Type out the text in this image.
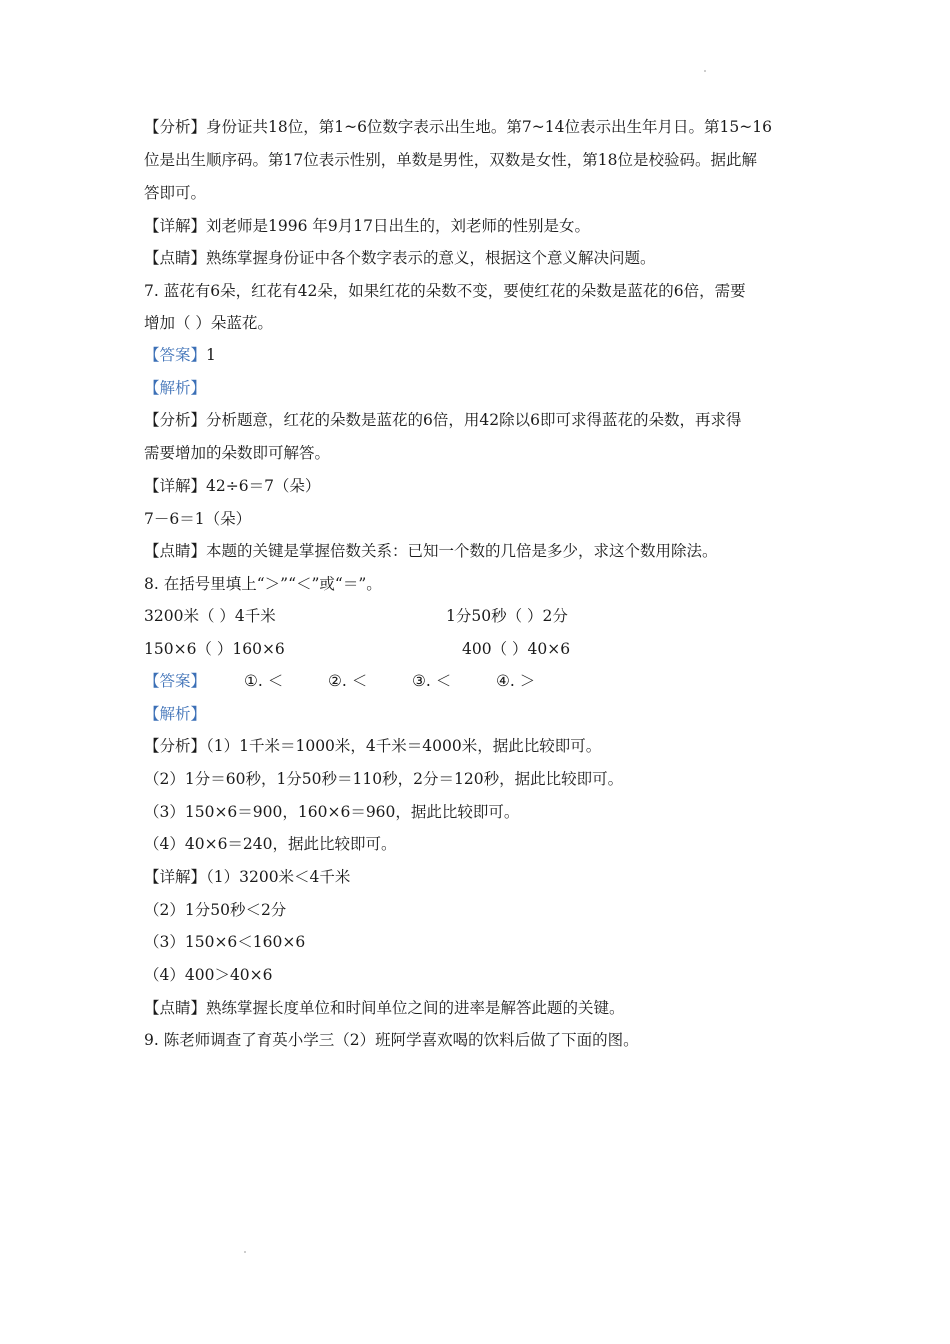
【分析】身份证共18位，第1~6位数字表示出生地。第7~14位表示出生年月日。第15~16
位是出生顺序码。第17位表示性别，单数是男性，双数是女性，第18位是校验码。据此解
答即可。
【详解】刘老师是1996 年9月17日出生的，刘老师的性别是女。
【点睛】熟练掌握身份证中各个数字表示的意义，根据这个意义解决问题。
7. 蓝花有6朵，红花有42朵，如果红花的朵数不变，要使红花的朵数是蓝花的6倍，需要
增加（ ）朵蓝花。
【答案】1
【解析】
【分析】分析题意，红花的朵数是蓝花的6倍，用42除以6即可求得蓝花的朵数，再求得
需要增加的朵数即可解答。
【详解】42÷6＝7（朵）
7－6＝1（朵）
【点睛】本题的关键是掌握倍数关系：已知一个数的几倍是多少，求这个数用除法。
8. 在括号里填上“＞”“＜”或“＝”。
3200米（ ）4千米	1分50秒（ ）2分
150×6（ ）160×6	400（ ）40×6
【答案】 ①. ＜	②. ＜	③. ＜	④. ＞
【解析】
【分析】（1）1千米＝1000米，4千米＝4000米，据此比较即可。
（2）1分＝60秒，1分50秒＝110秒，2分＝120秒，据此比较即可。
（3）150×6＝900，160×6＝960，据此比较即可。
（4）40×6＝240，据此比较即可。
【详解】（1）3200米＜4千米
（2）1分50秒＜2分
（3）150×6＜160×6
（4）400＞40×6
【点睛】熟练掌握长度单位和时间单位之间的进率是解答此题的关键。
9. 陈老师调查了育英小学三（2）班阿学喜欢喝的饮料后做了下面的图。
